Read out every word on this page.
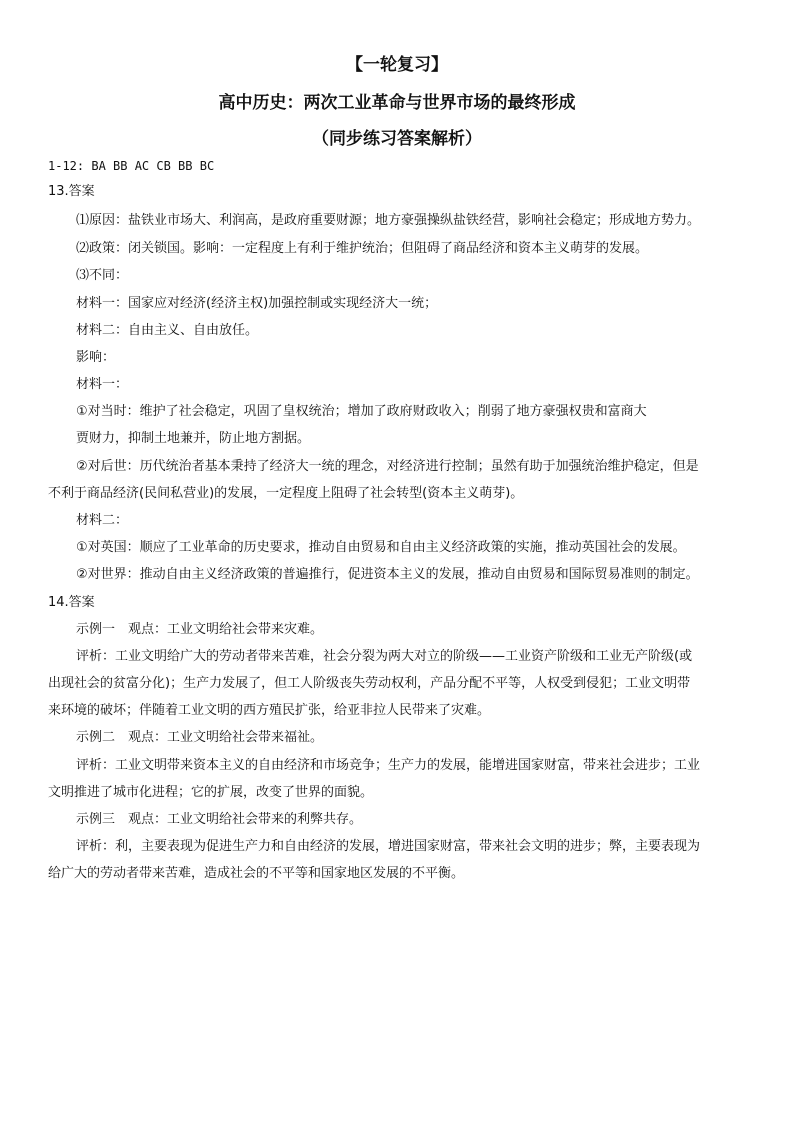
【一轮复习】
高中历史：两次工业革命与世界市场的最终形成
（同步练习答案解析）
1-12: BA BB AC CB BB BC
13.答案
⑴原因：盐铁业市场大、利润高，是政府重要财源；地方豪强操纵盐铁经营，影响社会稳定；形成地方势力。
⑵政策：闭关锁国。影响：一定程度上有利于维护统治；但阻碍了商品经济和资本主义萌芽的发展。
⑶不同：
材料一：国家应对经济(经济主权)加强控制或实现经济大一统；
材料二：自由主义、自由放任。
影响：
材料一：
①对当时：维护了社会稳定，巩固了皇权统治；增加了政府财政收入；削弱了地方豪强权贵和富商大
贾财力，抑制土地兼并，防止地方割据。
②对后世：历代统治者基本秉持了经济大一统的理念，对经济进行控制；虽然有助于加强统治维护稳定，但是
不利于商品经济(民间私营业)的发展，一定程度上阻碍了社会转型(资本主义萌芽)。
材料二：
①对英国：顺应了工业革命的历史要求，推动自由贸易和自由主义经济政策的实施，推动英国社会的发展。
②对世界：推动自由主义经济政策的普遍推行，促进资本主义的发展，推动自由贸易和国际贸易准则的制定。
14.答案
示例一　观点：工业文明给社会带来灾难。
评析：工业文明给广大的劳动者带来苦难，社会分裂为两大对立的阶级——工业资产阶级和工业无产阶级(或
出现社会的贫富分化)；生产力发展了，但工人阶级丧失劳动权利，产品分配不平等，人权受到侵犯；工业文明带
来环境的破坏；伴随着工业文明的西方殖民扩张，给亚非拉人民带来了灾难。
示例二　观点：工业文明给社会带来福祉。
评析：工业文明带来资本主义的自由经济和市场竞争；生产力的发展，能增进国家财富，带来社会进步；工业
文明推进了城市化进程；它的扩展，改变了世界的面貌。
示例三　观点：工业文明给社会带来的利弊共存。
评析：利，主要表现为促进生产力和自由经济的发展，增进国家财富，带来社会文明的进步；弊，主要表现为
给广大的劳动者带来苦难，造成社会的不平等和国家地区发展的不平衡。
